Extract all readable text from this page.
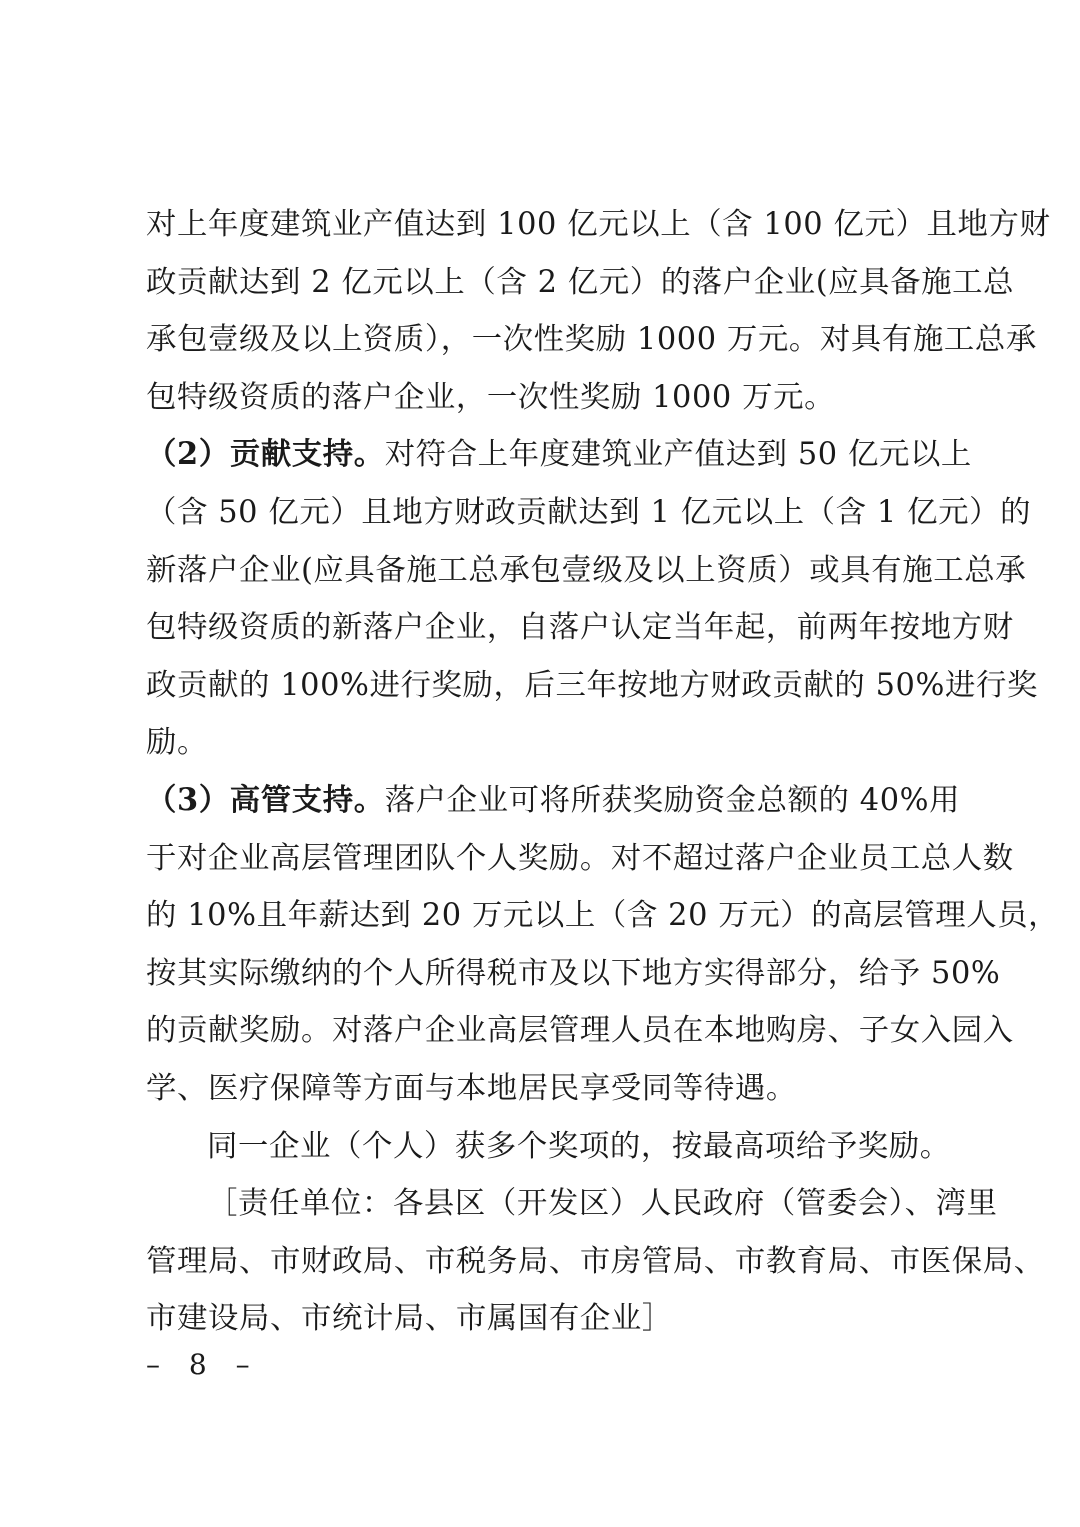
对上年度建筑业产值达到 100 亿元以上（含 100 亿元）且地方财
政贡献达到 2 亿元以上（含 2 亿元）的落户企业(应具备施工总
承包壹级及以上资质），一次性奖励 1000 万元。对具有施工总承
包特级资质的落户企业，一次性奖励 1000 万元。
（2）贡献支持。对符合上年度建筑业产值达到 50 亿元以上
（含 50 亿元）且地方财政贡献达到 1 亿元以上（含 1 亿元）的
新落户企业(应具备施工总承包壹级及以上资质）或具有施工总承
包特级资质的新落户企业，自落户认定当年起，前两年按地方财
政贡献的 100%进行奖励，后三年按地方财政贡献的 50%进行奖
励。
（3）高管支持。落户企业可将所获奖励资金总额的 40%用
于对企业高层管理团队个人奖励。对不超过落户企业员工总人数
的 10%且年薪达到 20 万元以上（含 20 万元）的高层管理人员，
按其实际缴纳的个人所得税市及以下地方实得部分，给予 50%
的贡献奖励。对落户企业高层管理人员在本地购房、子女入园入
学、医疗保障等方面与本地居民享受同等待遇。
同一企业（个人）获多个奖项的，按最高项给予奖励。
［责任单位：各县区（开发区）人民政府（管委会）、湾里
管理局、市财政局、市税务局、市房管局、市教育局、市医保局、
市建设局、市统计局、市属国有企业］
– 8 –
